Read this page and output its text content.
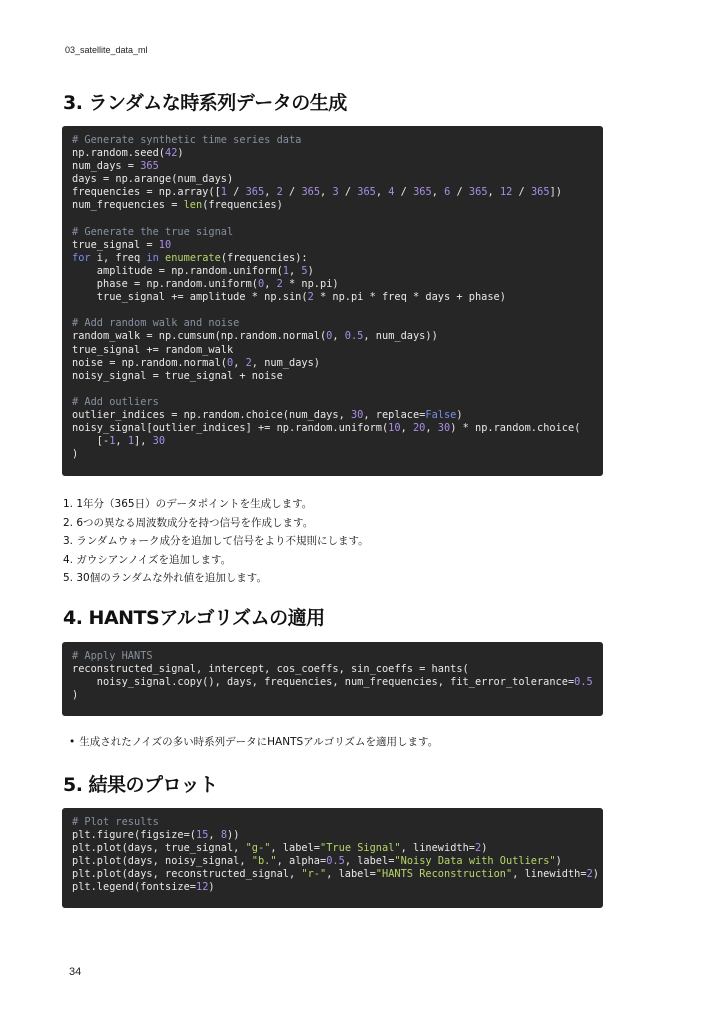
03_satellite_data_ml
3. ランダムな時系列データの生成
# Generate synthetic time series data
np.random.seed(42)
num_days = 365
days = np.arange(num_days)
frequencies = np.array([1 / 365, 2 / 365, 3 / 365, 4 / 365, 6 / 365, 12 / 365])
num_frequencies = len(frequencies)

# Generate the true signal
true_signal = 10
for i, freq in enumerate(frequencies):
amplitude = np.random.uniform(1, 5)
phase = np.random.uniform(0, 2 * np.pi)
true_signal += amplitude * np.sin(2 * np.pi * freq * days + phase)

# Add random walk and noise
random_walk = np.cumsum(np.random.normal(0, 0.5, num_days))
true_signal += random_walk
noise = np.random.normal(0, 2, num_days)
noisy_signal = true_signal + noise

# Add outliers
outlier_indices = np.random.choice(num_days, 30, replace=False)
noisy_signal[outlier_indices] += np.random.uniform(10, 20, 30) * np.random.choice(
[-1, 1], 30
)
1. 1年分（365日）のデータポイントを生成します。
2. 6つの異なる周波数成分を持つ信号を作成します。
3. ランダムウォーク成分を追加して信号をより不規則にします。
4. ガウシアンノイズを追加します。
5. 30個のランダムな外れ値を追加します。
4. HANTSアルゴリズムの適用
# Apply HANTS
reconstructed_signal, intercept, cos_coeffs, sin_coeffs = hants(
noisy_signal.copy(), days, frequencies, num_frequencies, fit_error_tolerance=0.5
)
• 生成されたノイズの多い時系列データにHANTSアルゴリズムを適用します。
5. 結果のプロット
# Plot results
plt.figure(figsize=(15, 8))
plt.plot(days, true_signal, "g-", label="True Signal", linewidth=2)
plt.plot(days, noisy_signal, "b.", alpha=0.5, label="Noisy Data with Outliers")
plt.plot(days, reconstructed_signal, "r-", label="HANTS Reconstruction", linewidth=2)
plt.legend(fontsize=12)
34
